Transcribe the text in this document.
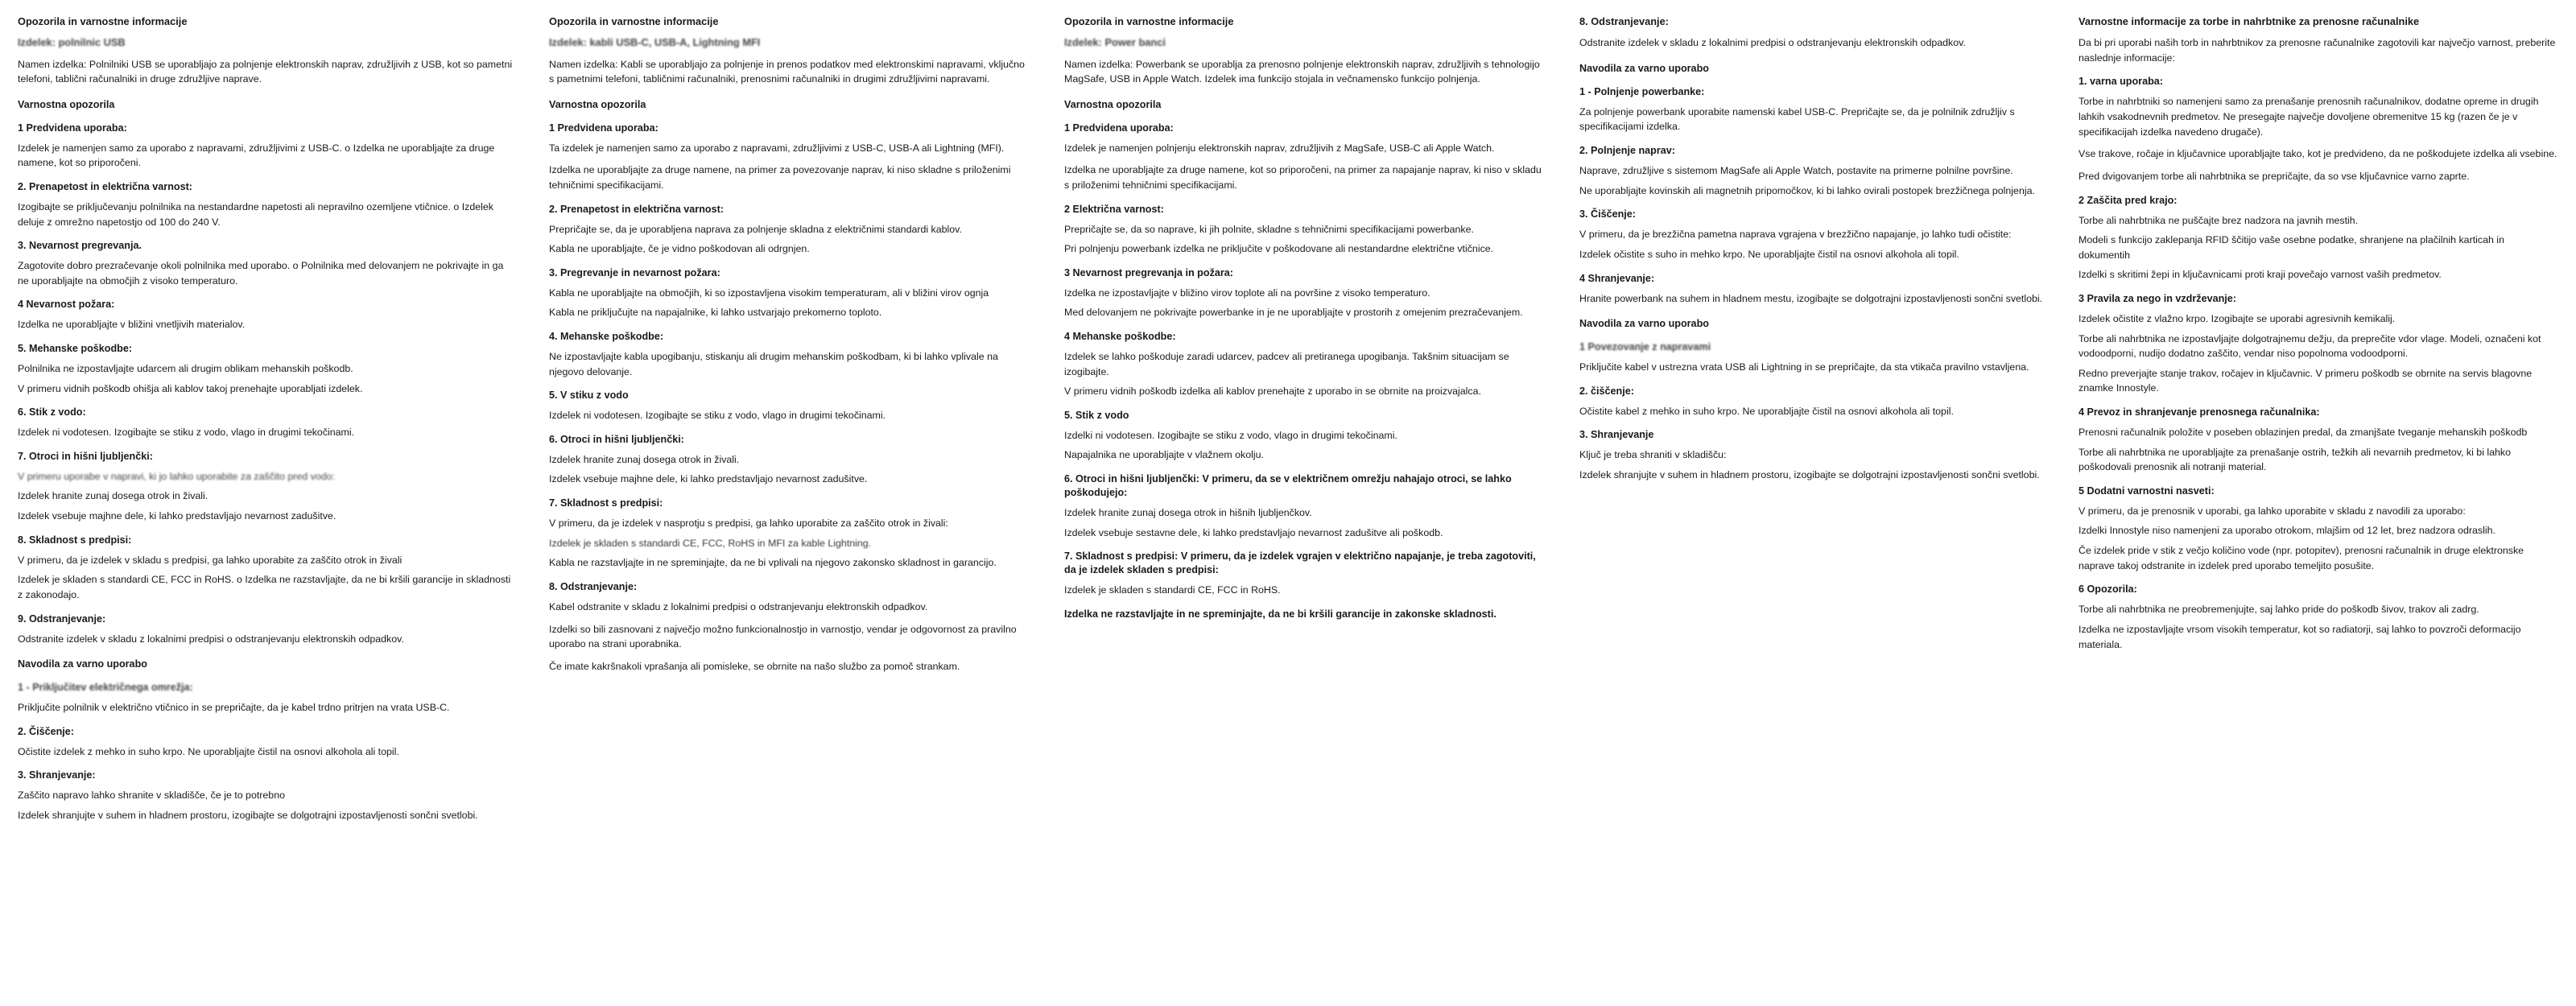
Opozorila in varnostne informacije
Izdelek: polnilnic USB
Namen izdelka: Polnilniki USB se uporabljajo za polnjenje elektronskih naprav, združljivih z USB, kot so pametni telefoni, tablični računalniki in druge združljive naprave.
Varnostna opozorila
1 Predvidena uporaba:
Izdelek je namenjen samo za uporabo z napravami, združljivimi z USB-C. o Izdelka ne uporabljajte za druge namene, kot so priporočeni.
2. Prenapetost in električna varnost:
Izogibajte se priključevanju polnilnika na nestandardne napetosti ali nepravilno ozemljene vtičnice. o Izdelek deluje z omrežno napetostjo od 100 do 240 V.
3. Nevarnost pregrevanja.
Zagotovite dobro prezračevanje okoli polnilnika med uporabo. o Polnilnika med delovanjem ne pokrivajte in ga ne uporabljajte na območjih z visoko temperaturo.
4 Nevarnost požara:
Izdelka ne uporabljajte v bližini vnetljivih materialov.
5. Mehanske poškodbe:
Polnilnika ne izpostavljajte udarcem ali drugim oblikam mehanskih poškodb.
V primeru vidnih poškodb ohišja ali kablov takoj prenehajte uporabljati izdelek.
6. Stik z vodo:
Izdelek ni vodotesen. Izogibajte se stiku z vodo, vlago in drugimi tekočinami.
7. Otroci in hišni ljubljenčki:
V primeru uporabe v napravi, ki jo lahko uporabite za zaščito pred vodo:
Izdelek hranite zunaj dosega otrok in živali.
Izdelek vsebuje majhne dele, ki lahko predstavljajo nevarnost zadušitve.
8. Skladnost s predpisi:
V primeru, da je izdelek v skladu s predpisi, ga lahko uporabite za zaščito otrok in živali
Izdelek je skladen s standardi CE, FCC in RoHS. o Izdelka ne razstavljajte, da ne bi kršili garancije in skladnosti z zakonodajo.
9. Odstranjevanje:
Odstranite izdelek v skladu z lokalnimi predpisi o odstranjevanju elektronskih odpadkov.
Navodila za varno uporabo
1 - Priključitev električnega omrežja:
Priključite polnilnik v električno vtičnico in se prepričajte, da je kabel trdno pritrjen na vrata USB-C.
2. Čiščenje:
Očistite izdelek z mehko in suho krpo. Ne uporabljajte čistil na osnovi alkohola ali topil.
3. Shranjevanje:
Zaščito napravo lahko shranite v skladišče, če je to potrebno
Izdelek shranjujte v suhem in hladnem prostoru, izogibajte se dolgotrajni izpostavljenosti sončni svetlobi.
Opozorila in varnostne informacije
Izdelek: kabli USB-C, USB-A, Lightning MFI
Namen izdelka: Kabli se uporabljajo za polnjenje in prenos podatkov med elektronskimi napravami, vključno s pametnimi telefoni, tabličnimi računalniki, prenosnimi računalniki in drugimi združljivimi napravami.
Varnostna opozorila
1 Predvidena uporaba:
Ta izdelek je namenjen samo za uporabo z napravami, združljivimi z USB-C, USB-A ali Lightning (MFI).
Izdelka ne uporabljajte za druge namene, na primer za povezovanje naprav, ki niso skladne s priloženimi tehničnimi specifikacijami.
2. Prenapetost in električna varnost:
Prepričajte se, da je uporabljena naprava za polnjenje skladna z električnimi standardi kablov.
Kabla ne uporabljajte, če je vidno poškodovan ali odrgnjen.
3. Pregrevanje in nevarnost požara:
Kabla ne uporabljajte na območjih, ki so izpostavljena visokim temperaturam, ali v bližini virov ognja
Kabla ne priključujte na napajalnike, ki lahko ustvarjajo prekomerno toploto.
4. Mehanske poškodbe:
Ne izpostavljajte kabla upogibanju, stiskanju ali drugim mehanskim poškodbam, ki bi lahko vplivale na njegovo delovanje.
5. V stiku z vodo
Izdelek ni vodotesen. Izogibajte se stiku z vodo, vlago in drugimi tekočinami.
6. Otroci in hišni ljubljenčki:
Izdelek hranite zunaj dosega otrok in živali.
Izdelek vsebuje majhne dele, ki lahko predstavljajo nevarnost zadušitve.
7. Skladnost s predpisi:
V primeru, da je izdelek v nasprotju s predpisi, ga lahko uporabite za zaščito otrok in živali:
Izdelek je skladen s standardi CE, FCC, RoHS in MFI za kable Lightning.
Kabla ne razstavljajte in ne spreminjajte, da ne bi vplivali na njegovo zakonsko skladnost in garancijo.
8. Odstranjevanje:
Kabel odstranite v skladu z lokalnimi predpisi o odstranjevanju elektronskih odpadkov.
Izdelki so bili zasnovani z največjo možno funkcionalnostjo in varnostjo, vendar je odgovornost za pravilno uporabo na strani uporabnika.
Če imate kakršnakoli vprašanja ali pomisleke, se obrnite na našo službo za pomoč strankam.
Opozorila in varnostne informacije
Izdelek: Power banci
Namen izdelka: Powerbank se uporablja za prenosno polnjenje elektronskih naprav, združljivih s tehnologijo MagSafe, USB in Apple Watch. Izdelek ima funkcijo stojala in večnamensko funkcijo polnjenja.
Varnostna opozorila
1 Predvidena uporaba:
Izdelek je namenjen polnjenju elektronskih naprav, združljivih z MagSafe, USB-C ali Apple Watch.
Izdelka ne uporabljajte za druge namene, kot so priporočeni, na primer za napajanje naprav, ki niso v skladu s priloženimi tehničnimi specifikacijami.
2 Električna varnost:
Prepričajte se, da so naprave, ki jih polnite, skladne s tehničnimi specifikacijami powerbanke.
Pri polnjenju powerbank izdelka ne priključite v poškodovane ali nestandardne električne vtičnice.
3 Nevarnost pregrevanja in požara:
Izdelka ne izpostavljajte v bližino virov toplote ali na površine z visoko temperaturo.
Med delovanjem ne pokrivajte powerbanke in je ne uporabljajte v prostorih z omejenim prezračevanjem.
4 Mehanske poškodbe:
Izdelek se lahko poškoduje zaradi udarcev, padcev ali pretiranega upogibanja. Takšnim situacijam se izogibajte.
V primeru vidnih poškodb izdelka ali kablov prenehajte z uporabo in se obrnite na proizvajalca.
5. Stik z vodo
Izdelki ni vodotesen. Izogibajte se stiku z vodo, vlago in drugimi tekočinami.
Napajalnika ne uporabljajte v vlažnem okolju.
6. Otroci in hišni ljubljenčki: V primeru, da se v električnem omrežju nahajajo otroci, se lahko poškodujejo:
Izdelek hranite zunaj dosega otrok in hišnih ljubljenčkov.
Izdelek vsebuje sestavne dele, ki lahko predstavljajo nevarnost zadušitve ali poškodb.
7. Skladnost s predpisi: V primeru, da je izdelek vgrajen v električno napajanje, je treba zagotoviti, da je izdelek skladen s predpisi:
Izdelek je skladen s standardi CE, FCC in RoHS.
Izdelka ne razstavljajte in ne spreminjajte, da ne bi kršili garancije in zakonske skladnosti.
8. Odstranjevanje:
Odstranite izdelek v skladu z lokalnimi predpisi o odstranjevanju elektronskih odpadkov.
Navodila za varno uporabo
1 - Polnjenje powerbanke:
Za polnjenje powerbank uporabite namenski kabel USB-C. Prepričajte se, da je polnilnik združljiv s specifikacijami izdelka.
2. Polnjenje naprav:
Naprave, združljive s sistemom MagSafe ali Apple Watch, postavite na primerne polnilne površine.
Ne uporabljajte kovinskih ali magnetnih pripomočkov, ki bi lahko ovirali postopek brezžičnega polnjenja.
3. Čiščenje:
V primeru, da je brezžična pametna naprava vgrajena v brezžično napajanje, jo lahko tudi očistite:
Izdelek očistite s suho in mehko krpo. Ne uporabljajte čistil na osnovi alkohola ali topil.
4 Shranjevanje:
Hranite powerbank na suhem in hladnem mestu, izogibajte se dolgotrajni izpostavljenosti sončni svetlobi.
Navodila za varno uporabo
1 Povezovanje z napravami
Priključite kabel v ustrezna vrata USB ali Lightning in se prepričajte, da sta vtikača pravilno vstavljena.
2. čiščenje:
Očistite kabel z mehko in suho krpo. Ne uporabljajte čistil na osnovi alkohola ali topil.
3. Shranjevanje
Ključ je treba shraniti v skladišču:
Izdelek shranjujte v suhem in hladnem prostoru, izogibajte se dolgotrajni izpostavljenosti sončni svetlobi.
Varnostne informacije za torbe in nahrbtnike za prenosne računalnike
Da bi pri uporabi naših torb in nahrbtnikov za prenosne računalnike zagotovili kar največjo varnost, preberite naslednje informacije:
1. varna uporaba:
Torbe in nahrbtniki so namenjeni samo za prenašanje prenosnih računalnikov, dodatne opreme in drugih lahkih vsakodnevnih predmetov. Ne presegajte največje dovoljene obremenitve 15 kg (razen če je v specifikacijah izdelka navedeno drugače).
Vse trakove, ročaje in ključavnice uporabljajte tako, kot je predvideno, da ne poškodujete izdelka ali vsebine.
Pred dvigovanjem torbe ali nahrbtnika se prepričajte, da so vse ključavnice varno zaprte.
2 Zaščita pred krajo:
Torbe ali nahrbtnika ne puščajte brez nadzora na javnih mestih.
Modeli s funkcijo zaklepanja RFID ščitijo vaše osebne podatke, shranjene na plačilnih karticah in dokumentih
Izdelki s skritimi žepi in ključavnicami proti kraji povečajo varnost vaših predmetov.
3 Pravila za nego in vzdrževanje:
Izdelek očistite z vlažno krpo. Izogibajte se uporabi agresivnih kemikalij.
Torbe ali nahrbtnika ne izpostavljajte dolgotrajnemu dežju, da preprečite vdor vlage. Modeli, označeni kot vodoodporni, nudijo dodatno zaščito, vendar niso popolnoma vodoodporni.
Redno preverjajte stanje trakov, ročajev in ključavnic. V primeru poškodb se obrnite na servis blagovne znamke Innostyle.
4 Prevoz in shranjevanje prenosnega računalnika:
Prenosni računalnik položite v poseben oblazinjen predal, da zmanjšate tveganje mehanskih poškodb
Torbe ali nahrbtnika ne uporabljajte za prenašanje ostrih, težkih ali nevarnih predmetov, ki bi lahko poškodovali prenosnik ali notranji material.
5 Dodatni varnostni nasveti:
V primeru, da je prenosnik v uporabi, ga lahko uporabite v skladu z navodili za uporabo:
Izdelki Innostyle niso namenjeni za uporabo otrokom, mlajšim od 12 let, brez nadzora odraslih.
Če izdelek pride v stik z večjo količino vode (npr. potopitev), prenosni računalnik in druge elektronske naprave takoj odstranite in izdelek pred uporabo temeljito posušite.
6 Opozorila:
Torbe ali nahrbtnika ne preobremenjujte, saj lahko pride do poškodb šivov, trakov ali zadrg.
Izdelka ne izpostavljajte vrsom visokih temperatur, kot so radiatorji, saj lahko to povzroči deformacijo materiala.
